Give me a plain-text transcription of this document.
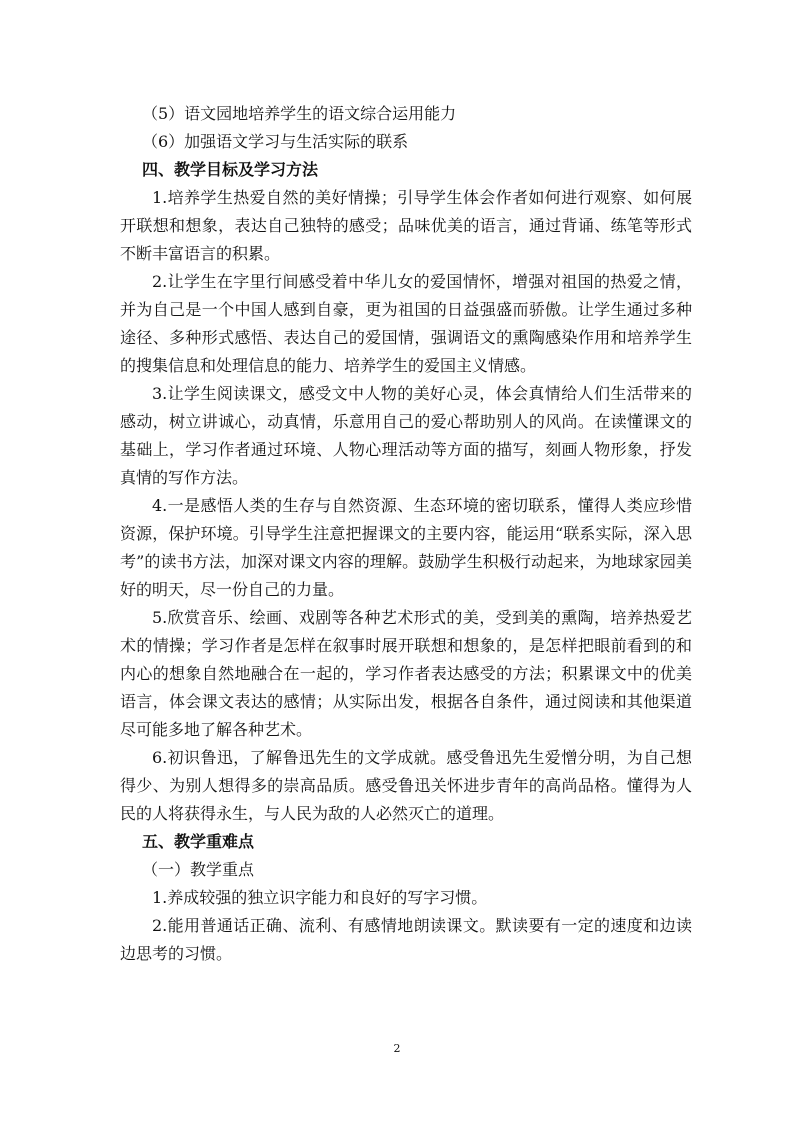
（5）语文园地培养学生的语文综合运用能力
（6）加强语文学习与生活实际的联系
四、教学目标及学习方法

1.培养学生热爱自然的美好情操；引导学生体会作者如何进行观察、如何展开联想和想象，表达自己独特的感受；品味优美的语言，通过背诵、练笔等形式不断丰富语言的积累。

2.让学生在字里行间感受着中华儿女的爱国情怀，增强对祖国的热爱之情，并为自己是一个中国人感到自豪，更为祖国的日益强盛而骄傲。让学生通过多种途径、多种形式感悟、表达自己的爱国情，强调语文的熏陶感染作用和培养学生的搜集信息和处理信息的能力、培养学生的爱国主义情感。

3.让学生阅读课文，感受文中人物的美好心灵，体会真情给人们生活带来的感动，树立讲诚心，动真情，乐意用自己的爱心帮助别人的风尚。在读懂课文的基础上，学习作者通过环境、人物心理活动等方面的描写，刻画人物形象，抒发真情的写作方法。

4.一是感悟人类的生存与自然资源、生态环境的密切联系，懂得人类应珍惜资源，保护环境。引导学生注意把握课文的主要内容，能运用“联系实际，深入思考”的读书方法，加深对课文内容的理解。鼓励学生积极行动起来，为地球家园美好的明天，尽一份自己的力量。

5.欣赏音乐、绘画、戏剧等各种艺术形式的美，受到美的熏陶，培养热爱艺术的情操；学习作者是怎样在叙事时展开联想和想象的，是怎样把眼前看到的和内心的想象自然地融合在一起的，学习作者表达感受的方法；积累课文中的优美语言，体会课文表达的感情；从实际出发，根据各自条件，通过阅读和其他渠道尽可能多地了解各种艺术。

6.初识鲁迅，了解鲁迅先生的文学成就。感受鲁迅先生爱憎分明，为自己想得少、为别人想得多的崇高品质。感受鲁迅关怀进步青年的高尚品格。懂得为人民的人将获得永生，与人民为敌的人必然灭亡的道理。

五、教学重难点
（一）教学重点

1.养成较强的独立识字能力和良好的写字习惯。

2.能用普通话正确、流利、有感情地朗读课文。默读要有一定的速度和边读边思考的习惯。

2
